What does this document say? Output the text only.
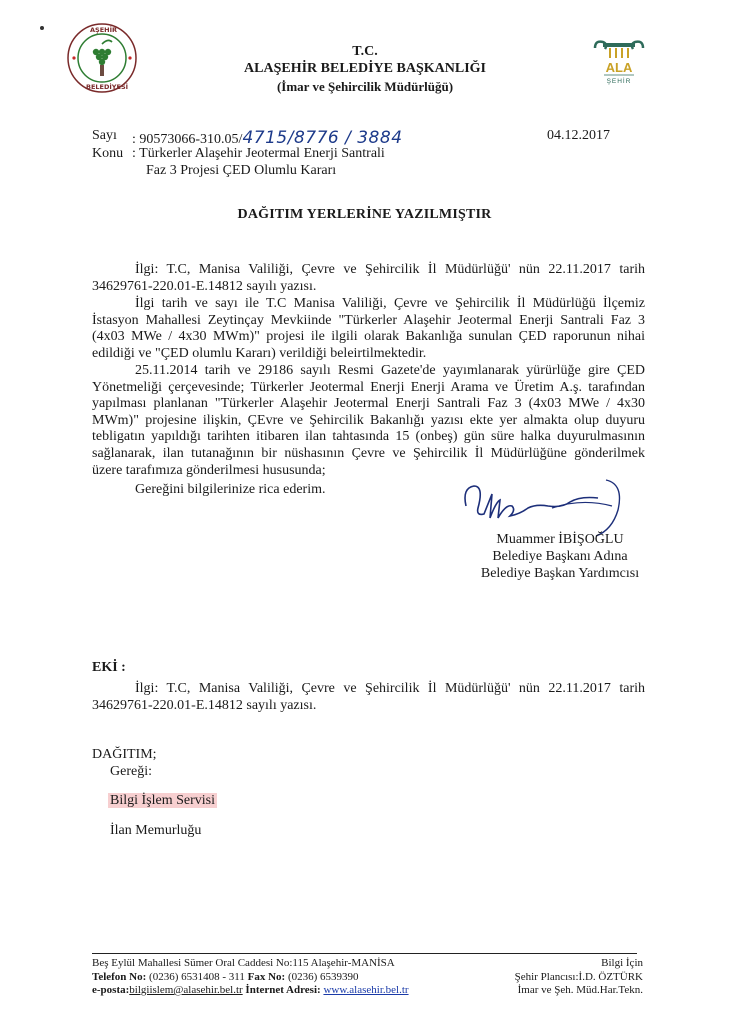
AŞEHİR
BELEDİYESİ
T.C.
ALAŞEHİR BELEDİYE BAŞKANLIĞI
(İmar ve Şehircilik Müdürlüğü)
ALA
ŞEHİR
Sayı	: 90573066-310.05/4715/8776 / 3884
Konu : Türkerler Alaşehir Jeotermal Enerji Santrali
Faz 3 Projesi ÇED Olumlu Kararı
04.12.2017
DAĞITIM YERLERİNE YAZILMIŞTIR
İlgi: T.C, Manisa Valiliği, Çevre ve Şehircilik İl Müdürlüğü' nün 22.11.2017 tarih
34629761-220.01-E.14812 sayılı yazısı.
İlgi tarih ve sayı ile T.C Manisa Valiliği, Çevre ve Şehircilik İl Müdürlüğü İlçemiz
İstasyon Mahallesi Zeytinçay Mevkiinde "Türkerler Alaşehir Jeotermal Enerji Santrali Faz 3
(4x03 MWe / 4x30 MWm)" projesi ile ilgili olarak Bakanlığa sunulan ÇED raporunun nihai
edildiği ve "ÇED olumlu Kararı) verildiği beleirtilmektedir.
25.11.2014 tarih ve 29186 sayılı Resmi Gazete'de yayımlanarak yürürlüğe gire ÇED
Yönetmeliği çerçevesinde; Türkerler Jeotermal Enerji Enerji Arama ve Üretim A.ş. tarafından
yapılması planlanan "Türkerler Alaşehir Jeotermal Enerji Santrali Faz 3 (4x03 MWe / 4x30
MWm)" projesine ilişkin, ÇEvre ve Şehircilik Bakanlığı yazısı ekte yer almakta olup duyuru
tebligatın yapıldığı tarihten itibaren ilan tahtasında 15 (onbeş) gün süre halka duyurulmasının
sağlanarak, ilan tutanağının bir nüshasının Çevre ve Şehircilik İl Müdürlüğüne gönderilmek
üzere tarafımıza gönderilmesi hususunda;
Gereğini bilgilerinize rica ederim.
Muammer İBİŞOĞLU
Belediye Başkanı Adına
Belediye Başkan Yardımcısı
EKİ :
İlgi: T.C, Manisa Valiliği, Çevre ve Şehircilik İl Müdürlüğü' nün 22.11.2017 tarih
34629761-220.01-E.14812 sayılı yazısı.
DAĞITIM;
Gereği:
Bilgi İşlem Servisi
İlan Memurluğu
Beş Eylül Mahallesi Sümer Oral Caddesi No:115 Alaşehir-MANİSA
Telefon No: (0236) 6531408 - 311 Fax No: (0236) 6539390
e-posta:bilgiislem@alasehir.bel.tr İnternet Adresi: www.alasehir.bel.tr
Bilgi İçin
Şehir Plancısı:İ.D. ÖZTÜRK
İmar ve Şeh. Müd.Har.Tekn.
